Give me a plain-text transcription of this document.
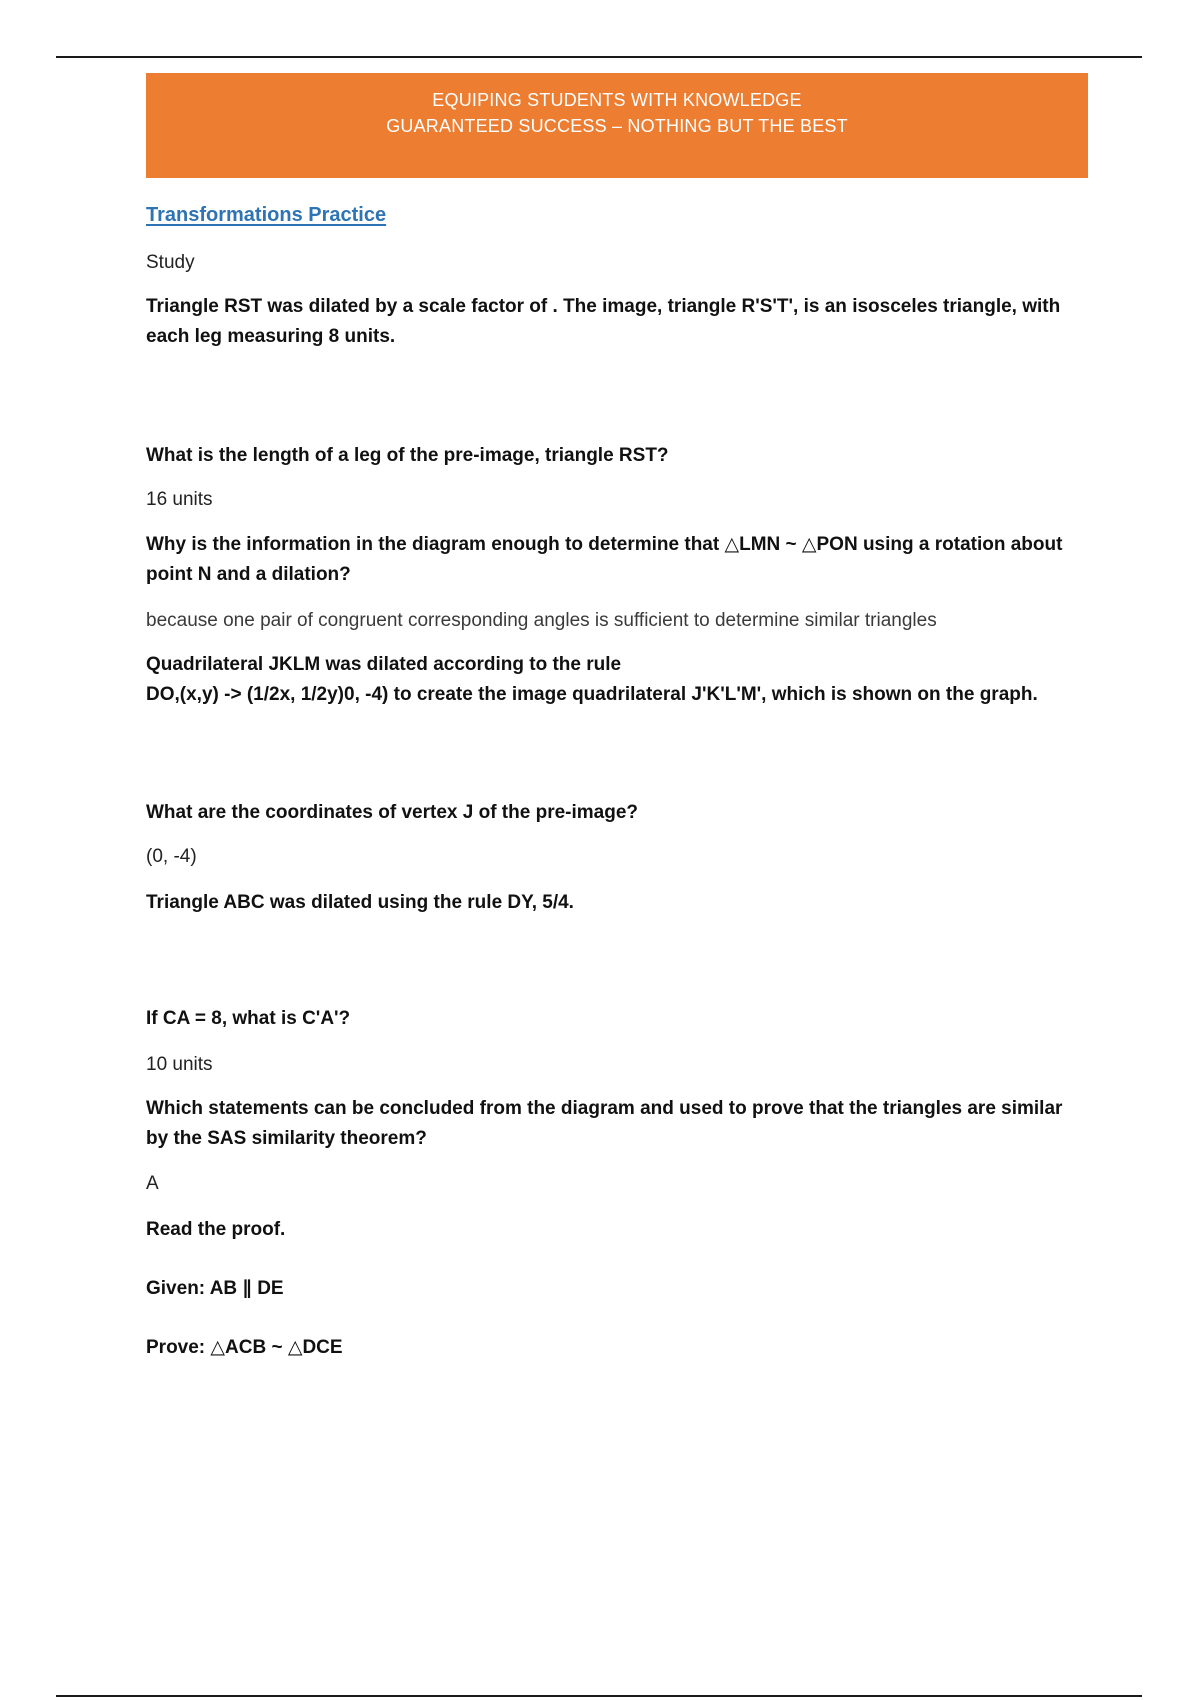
EQUIPING STUDENTS WITH KNOWLEDGE
GUARANTEED SUCCESS – NOTHING BUT THE BEST
Transformations Practice
Study
Triangle RST was dilated by a scale factor of . The image, triangle R'S'T', is an isosceles triangle, with each leg measuring 8 units.
What is the length of a leg of the pre-image, triangle RST?
16 units
Why is the information in the diagram enough to determine that △LMN ~ △PON using a rotation about point N and a dilation?
because one pair of congruent corresponding angles is sufficient to determine similar triangles
Quadrilateral JKLM was dilated according to the rule
DO,(x,y) -> (1/2x, 1/2y)0, -4) to create the image quadrilateral J'K'L'M', which is shown on the graph.
What are the coordinates of vertex J of the pre-image?
(0, -4)
Triangle ABC was dilated using the rule DY, 5/4.
If CA = 8, what is C'A'?
10 units
Which statements can be concluded from the diagram and used to prove that the triangles are similar by the SAS similarity theorem?
A
Read the proof.
Given: AB ∥ DE
Prove: △ACB ~ △DCE
